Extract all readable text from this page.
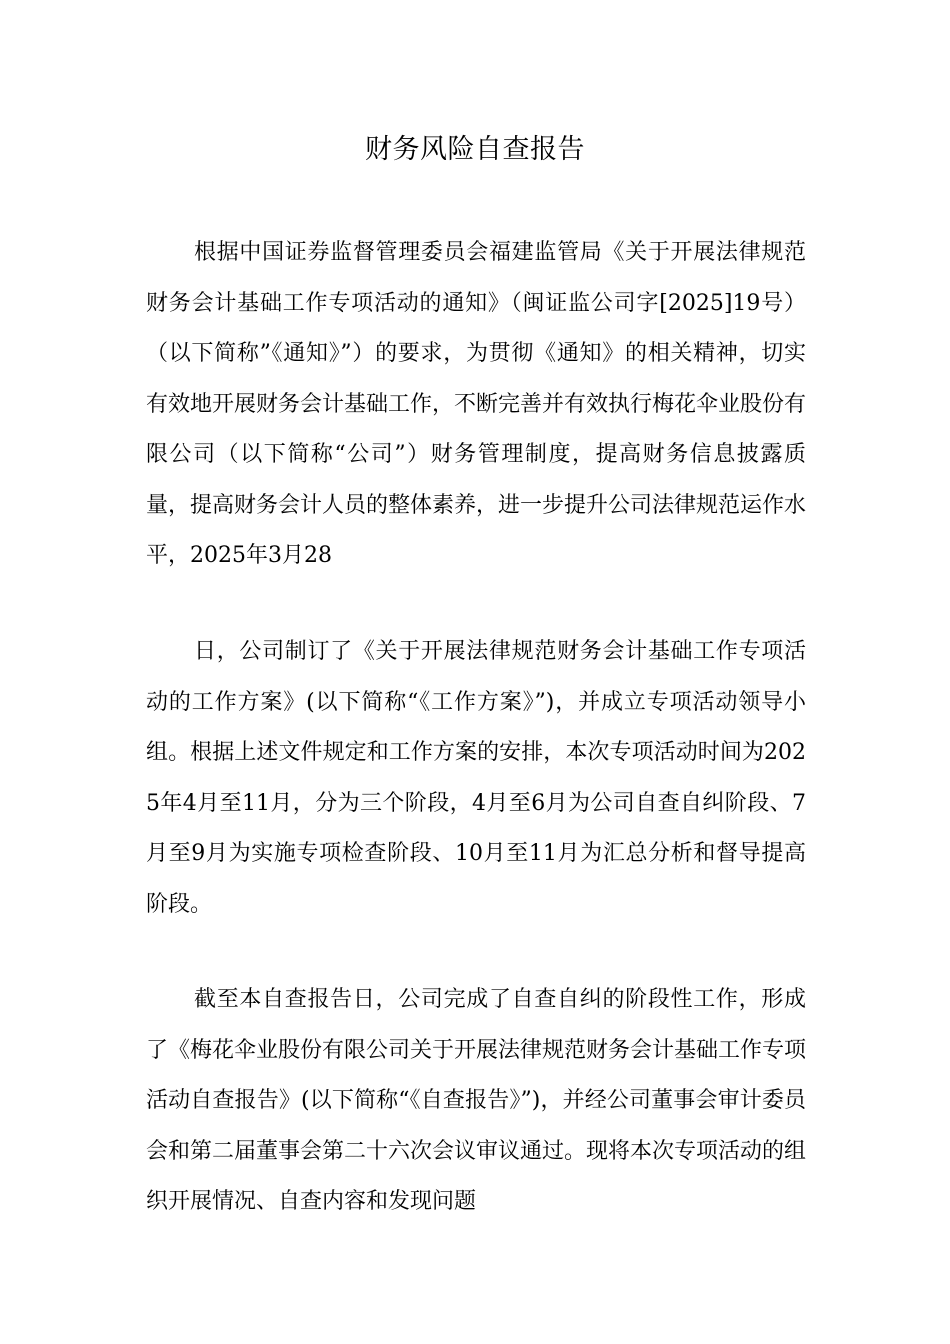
财务风险自查报告

根据中国证券监督管理委员会福建监管局《关于开展法律规范财务会计基础工作专项活动的通知》（闽证监公司字[2025]19号）（以下简称”《通知》”）的要求，为贯彻《通知》的相关精神，切实有效地开展财务会计基础工作，不断完善并有效执行梅花伞业股份有限公司（以下简称“公司”）财务管理制度，提高财务信息披露质量，提高财务会计人员的整体素养，进一步提升公司法律规范运作水平，2025年3月28

日，公司制订了《关于开展法律规范财务会计基础工作专项活动的工作方案》(以下简称“《工作方案》”)，并成立专项活动领导小组。根据上述文件规定和工作方案的安排，本次专项活动时间为2025年4月至11月，分为三个阶段，4月至6月为公司自查自纠阶段、7月至9月为实施专项检查阶段、10月至11月为汇总分析和督导提高阶段。

截至本自查报告日，公司完成了自查自纠的阶段性工作，形成了《梅花伞业股份有限公司关于开展法律规范财务会计基础工作专项活动自查报告》(以下简称“《自查报告》”)，并经公司董事会审计委员会和第二届董事会第二十六次会议审议通过。现将本次专项活动的组织开展情况、自查内容和发现问题
